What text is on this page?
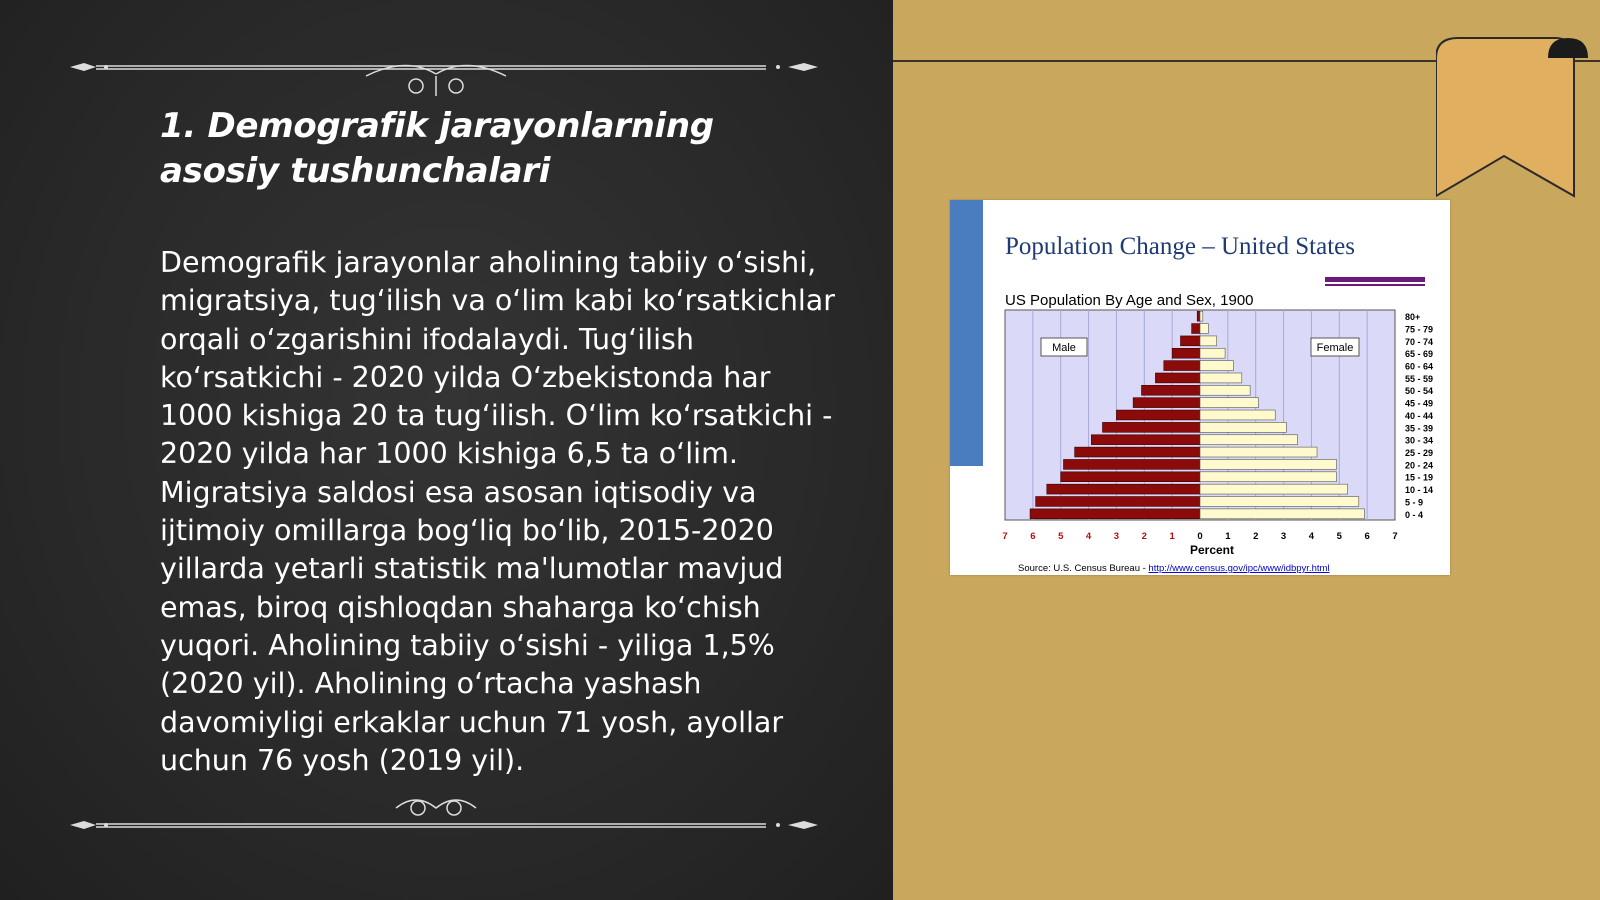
1. Demografik jarayonlarning asosiy tushunchalari

Demografik jarayonlar aholining tabiiy o‘sishi, migratsiya, tug‘ilish va o‘lim kabi ko‘rsatkichlar orqali o‘zgarishini ifodalaydi. Tug‘ilish ko‘rsatkichi - 2020 yilda O‘zbekistonda har 1000 kishiga 20 ta tug‘ilish. O‘lim ko‘rsatkichi - 2020 yilda har 1000 kishiga 6,5 ta o‘lim. Migratsiya saldosi esa asosan iqtisodiy va ijtimoiy omillarga bog‘liq bo‘lib, 2015-2020 yillarda yetarli statistik ma'lumotlar mavjud emas, biroq qishloqdan shaharga ko‘chish yuqori. Aholining tabiiy o‘sishi - yiliga 1,5% (2020 yil). Aholining o‘rtacha yashash davomiyligi erkaklar uchun 71 yosh, ayollar uchun 76 yosh (2019 yil).

Population Change – United States
US Population By Age and Sex, 1900
0 - 4
5 - 9
10 - 14
15 - 19
20 - 24
25 - 29
30 - 34
35 - 39
40 - 44
45 - 49
50 - 54
55 - 59
60 - 64
65 - 69
70 - 74
75 - 79
80+
7 6 5 4 3 2 1 0 1 2 3 4 5 6 7
Male	Female
Percent
Source: U.S. Census Bureau - http://www.census.gov/ipc/www/idbpyr.html
